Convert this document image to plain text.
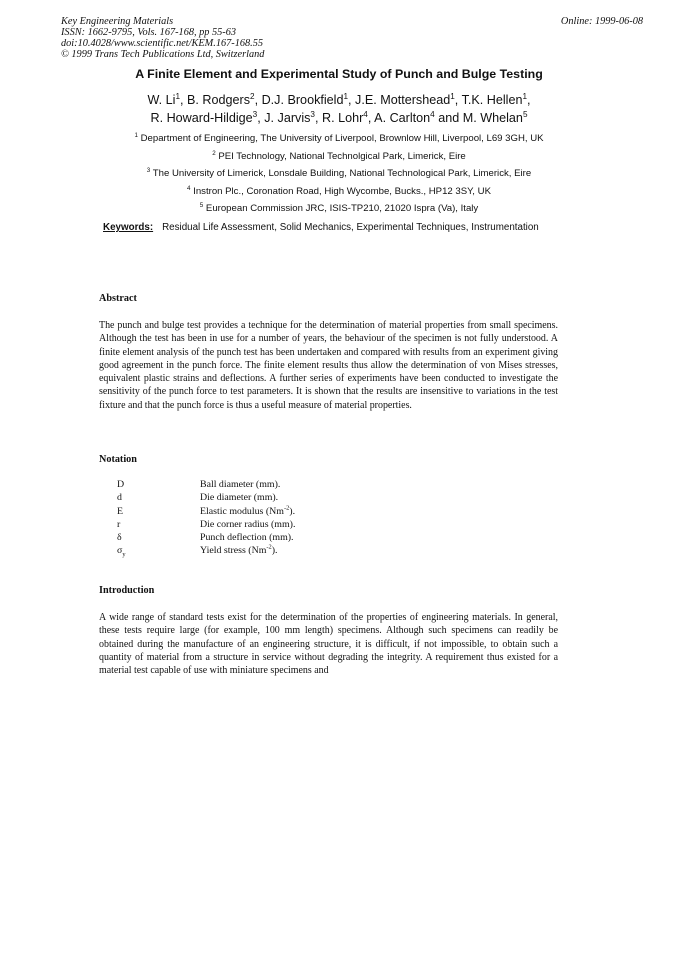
Key Engineering Materials
ISSN: 1662-9795, Vols. 167-168, pp 55-63
doi:10.4028/www.scientific.net/KEM.167-168.55
© 1999 Trans Tech Publications Ltd, Switzerland
Online: 1999-06-08
A Finite Element and Experimental Study of Punch and Bulge Testing
W. Li$^1$, B. Rodgers$^2$, D.J. Brookfield$^1$, J.E. Mottershead$^1$, T.K. Hellen$^1$,
R. Howard-Hildige$^3$, J. Jarvis$^3$, R. Lohr$^4$, A. Carlton$^4$ and M. Whelan$^5$
$^1$ Department of Engineering, The University of Liverpool, Brownlow Hill, Liverpool, L69 3GH, UK
$^2$ PEI Technology, National Technolgical Park, Limerick, Eire
$^3$ The University of Limerick, Lonsdale Building, National Technological Park, Limerick, Eire
$^4$ Instron Plc., Coronation Road, High Wycombe, Bucks., HP12 3SY, UK
$^5$ European Commission JRC, ISIS-TP210, 21020 Ispra (Va), Italy
Keywords: Residual Life Assessment, Solid Mechanics, Experimental Techniques, Instrumentation
Abstract
The punch and bulge test provides a technique for the determination of material properties from small specimens. Although the test has been in use for a number of years, the behaviour of the specimen is not fully understood. A finite element analysis of the punch test has been undertaken and compared with results from an experiment giving good agreement in the punch force. The finite element results thus allow the determination of von Mises stresses, equivalent plastic strains and deflections. A further series of experiments have been conducted to investigate the sensitivity of the punch force to test parameters. It is shown that the results are insensitive to variations in the test fixture and that the punch force is thus a useful measure of material properties.
Notation
D	Ball diameter (mm).
d	Die diameter (mm).
E	Elastic modulus $(Nm^{-2})$.
r	Die corner radius (mm).
δ	Punch deflection (mm).
$\sigma_y$	Yield stress $(Nm^{-2})$.
Introduction
A wide range of standard tests exist for the determination of the properties of engineering materials. In general, these tests require large (for example, 100 mm length) specimens. Although such specimens can readily be obtained during the manufacture of an engineering structure, it is difficult, if not impossible, to obtain such a quantity of material from a structure in service without degrading the integrity. A requirement thus existed for a material test capable of use with miniature specimens and
